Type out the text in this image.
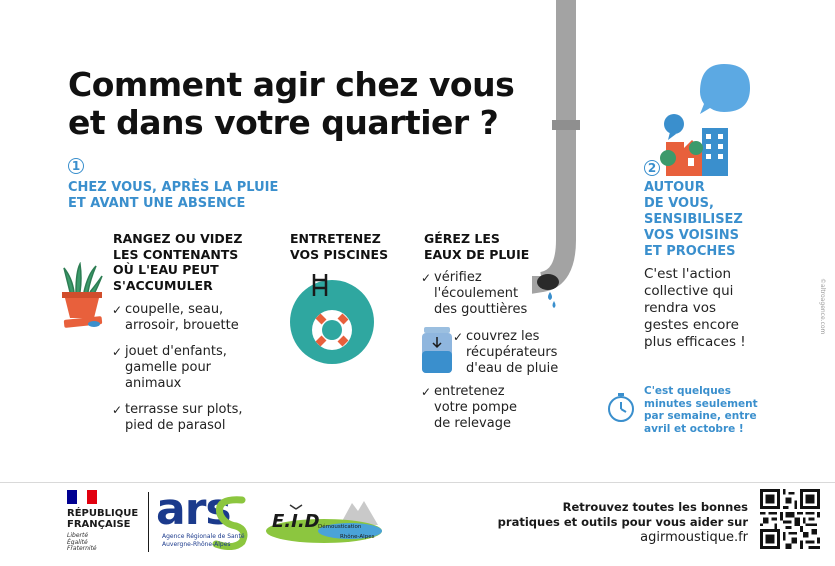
Comment agir chez vous
et dans votre quartier ?
1
CHEZ VOUS, APRÈS LA PLUIE
ET AVANT UNE ABSENCE
RANGEZ OU VIDEZ
LES CONTENANTS
OÙ L'EAU PEUT
S'ACCUMULER
✓ coupelle, seau,
arrosoir, brouette
✓ jouet d'enfants,
gamelle pour
animaux
✓ terrasse sur plots,
pied de parasol
ENTRETENEZ
VOS PISCINES
GÉREZ LES
EAUX DE PLUIE
✓ vérifiez
l'écoulement
des gouttières
✓ couvrez les
récupérateurs
d'eau de pluie
✓ entretenez
votre pompe
de relevage
2
AUTOUR
DE VOUS,
SENSIBILISEZ
VOS VOISINS
ET PROCHES
C'est l'action
collective qui
rendra vos
gestes encore
plus efficaces !
C'est quelques
minutes seulement
par semaine, entre
avril et octobre !
©altroagence.com
RÉPUBLIQUE
FRANÇAISE
Liberté
Égalité
Fraternité
ars
Agence Régionale de Santé
Auvergne-Rhône-Alpes
E.I.D
Démoustication
Rhône-Alpes
Retrouvez toutes les bonnes
pratiques et outils pour vous aider sur
agirmoustique.fr
